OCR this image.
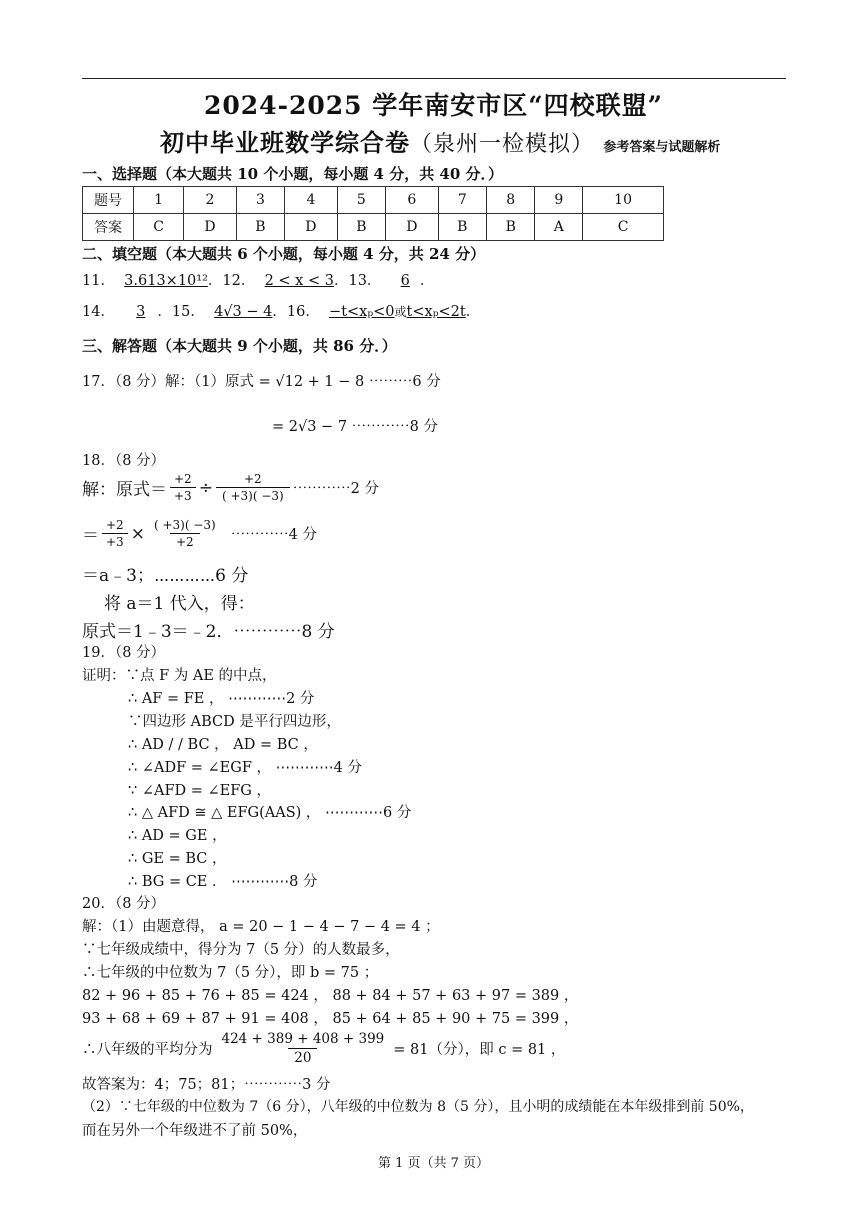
2024-2025 学年南安市区“四校联盟”
初中毕业班数学综合卷（泉州一检模拟） 参考答案与试题解析
一、选择题（本大题共 10 个小题，每小题 4 分，共 40 分．）
题号	1	2	3	4	5	6	7	8	9	10
答案	C	D	B	D	B	D	B	B	A	C
二、填空题（本大题共 6 个小题，每小题 4 分，共 24 分）
11． 3.613×10¹²．12． 2 < x < 3．13． 6 ．
14． 3 ．15． 4√3 − 4．16． −t<xₚ<0或t<xₚ<2t．
三、解答题（本大题共 9 个小题，共 86 分．）
17．（8 分）解：（1）原式 = √12 + 1 − 8 ⋯⋯⋯6 分
= 2√3 − 7 ⋯⋯⋯⋯8 分
18．（8 分）
解：原式＝ $\frac{+2}{+3} \div \frac{+2}{( +3)( -3)}$ ⋯⋯⋯⋯2 分
＝ $\frac{+2}{+3} \times \frac{( +3)( -3)}{+2}$ ⋯⋯⋯⋯4 分
＝a﹣3；⋯⋯⋯⋯6 分
将 a＝1 代入，得：
原式＝1﹣3＝﹣2．⋯⋯⋯⋯8 分
19．（8 分）
证明：∵点 F 为 AE 的中点，
∴ AF = FE ， ⋯⋯⋯⋯2 分
∵四边形 ABCD 是平行四边形，
∴ AD / / BC ， AD = BC ，
∴ ∠ADF = ∠EGF ， ⋯⋯⋯⋯4 分
∵ ∠AFD = ∠EFG ，
∴ △ AFD ≅ △ EFG(AAS) ， ⋯⋯⋯⋯6 分
∴ AD = GE ，
∴ GE = BC ，
∴ BG = CE ． ⋯⋯⋯⋯8 分
20．（8 分）
解：（1）由题意得， a = 20 − 1 − 4 − 7 − 4 = 4 ；
∵七年级成绩中，得分为 7（5 分）的人数最多，
∴七年级的中位数为 7（5 分），即 b = 75 ；
82 + 96 + 85 + 76 + 85 = 424 ， 88 + 84 + 57 + 63 + 97 = 389 ，
93 + 68 + 69 + 87 + 91 = 408 ， 85 + 64 + 85 + 90 + 75 = 399 ，
∴八年级的平均分为 $\frac{424 + 389 + 408 + 399}{20} = 81$（分），即 c = 81 ，
故答案为：4；75；81；⋯⋯⋯⋯3 分
（2）∵七年级的中位数为 7（6 分），八年级的中位数为 8（5 分），且小明的成绩能在本年级排到前 50%，
而在另外一个年级进不了前 50%，
第 1 页（共 7 页）
